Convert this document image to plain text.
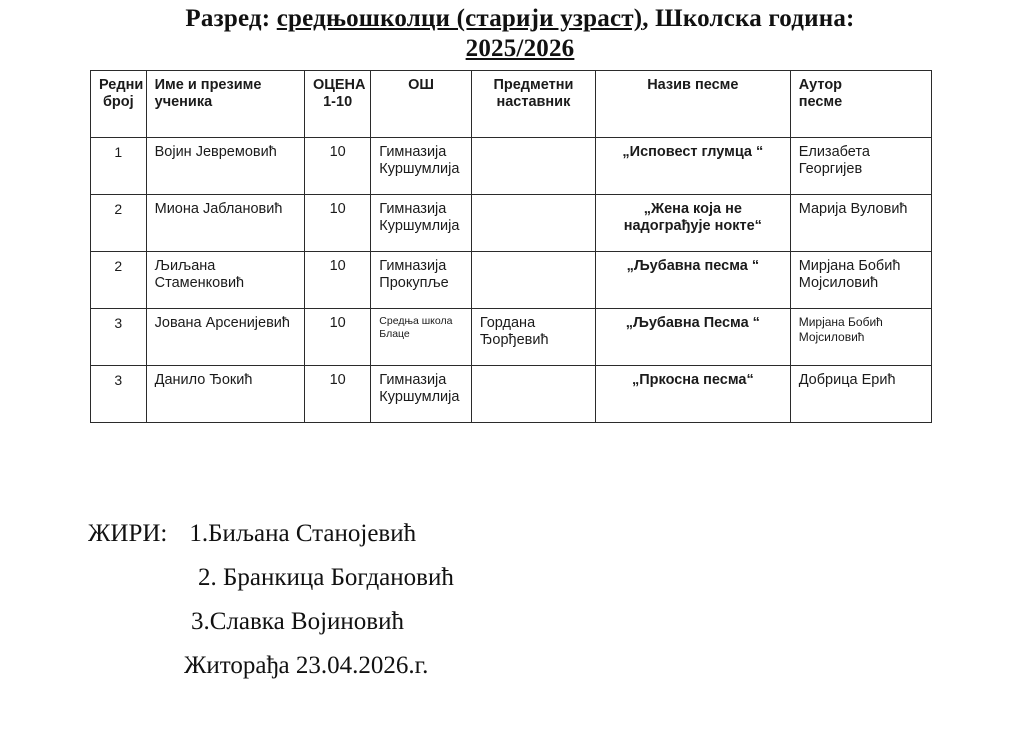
Разред: средњошколци (старији узраст), Школска година:
2025/2026
Редни
број	Име и презиме
ученика	ОЦЕНА
1-10	ОШ	Предметни
наставник	Назив песме	Аутор
песме
1	Војин Јевремовић	10	Гимназија
Куршумлија		„Исповест глумца “	Елизабета
Георгијев
2	Миона Јаблановић	10	Гимназија
Куршумлија		„Жена која не
надограђује нокте“	Марија Вуловић
2	Љиљана
Стаменковић	10	Гимназија
Прокупље		„Љубавна песма “	Мирјана Бобић
Мојсиловић
3	Јована Арсенијевић	10	Средња школа
Блаце	Гордана
Ђорђевић	„Љубавна Песма “	Мирјана Бобић
Мојсиловић
3	Данило Ђокић	10	Гимназија
Куршумлија		„Пркосна песма“	Добрица Ерић
ЖИРИ: 1.Биљана Станојевић
2. Бранкица Богдановић
3.Славка Војиновић
Житорађа 23.04.2026.г.
